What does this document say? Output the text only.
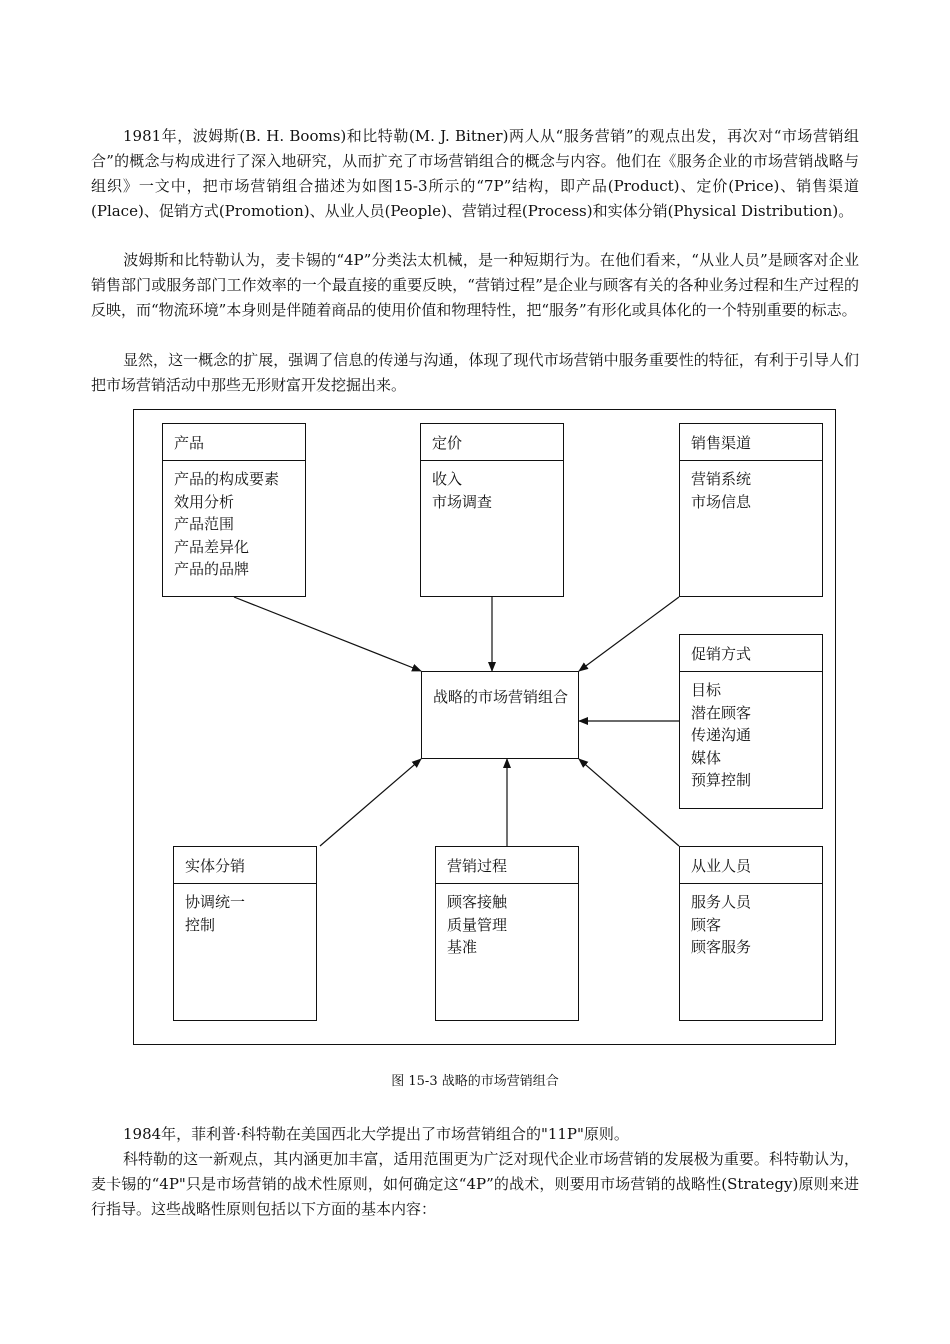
1981年，波姆斯(B. H. Booms)和比特勒(M. J. Bitner)两人从“服务营销”的观点出发，再次对“市场营销组合”的概念与构成进行了深入地研究，从而扩充了市场营销组合的概念与内容。他们在《服务企业的市场营销战略与组织》一文中，把市场营销组合描述为如图15-3所示的“7P”结构，即产品(Product)、定价(Price)、销售渠道(Place)、促销方式(Promotion)、从业人员(People)、营销过程(Process)和实体分销(Physical Distribution)。

波姆斯和比特勒认为，麦卡锡的“4P”分类法太机械，是一种短期行为。在他们看来，“从业人员”是顾客对企业销售部门或服务部门工作效率的一个最直接的重要反映，“营销过程”是企业与顾客有关的各种业务过程和生产过程的反映，而“物流环境”本身则是伴随着商品的使用价值和物理特性，把“服务”有形化或具体化的一个特别重要的标志。

显然，这一概念的扩展，强调了信息的传递与沟通，体现了现代市场营销中服务重要性的特征，有利于引导人们把市场营销活动中那些无形财富开发挖掘出来。

产品
产品的构成要素
效用分析
产品范围
产品差异化
产品的品牌
定价
收入
市场调查
销售渠道
营销系统
市场信息
促销方式
目标
潜在顾客
传递沟通
媒体
预算控制
战略的市场营销组合
实体分销
协调统一
控制
营销过程
顾客接触
质量管理
基准
从业人员
服务人员
顾客
顾客服务
图 15-3 战略的市场营销组合

1984年，菲利普·科特勒在美国西北大学提出了市场营销组合的"11P"原则。

科特勒的这一新观点，其内涵更加丰富，适用范围更为广泛对现代企业市场营销的发展极为重要。科特勒认为，麦卡锡的“4P"只是市场营销的战术性原则，如何确定这“4P”的战术，则要用市场营销的战略性(Strategy)原则来进行指导。这些战略性原则包括以下方面的基本内容：
